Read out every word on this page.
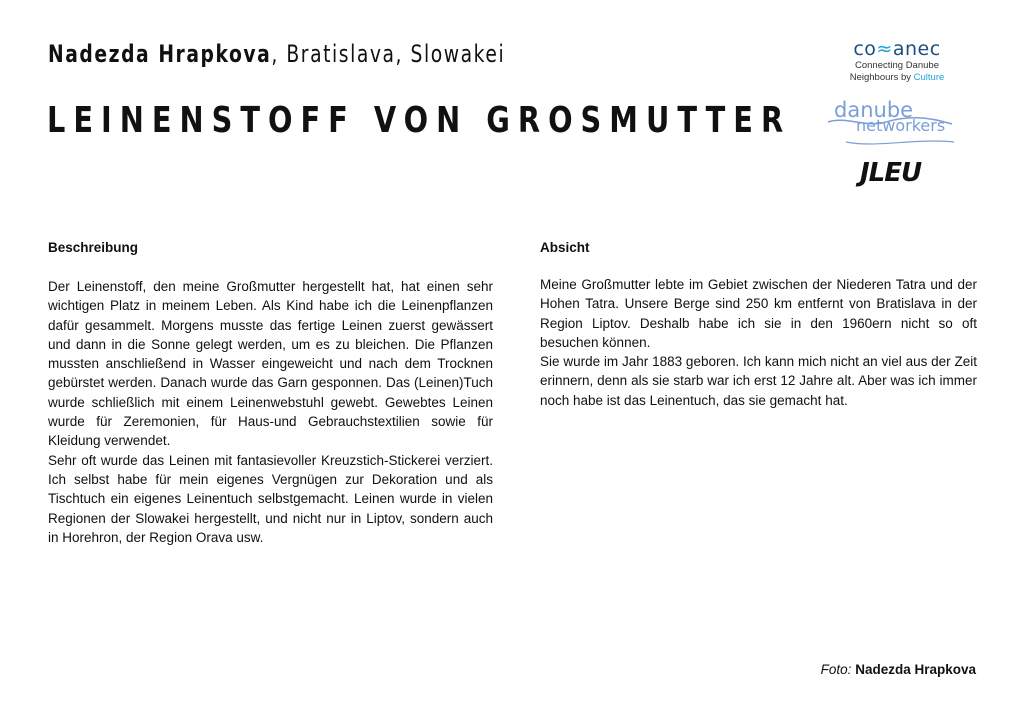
Nadezda Hrapkova, Bratislava, Slowakei
LEINENSTOFF VON GROSMUTTER
co≈anec
Connecting Danube
Neighbours by Culture
danube
networkers
JLEU
Beschreibung

Der Leinenstoff, den meine Großmutter hergestellt hat, hat einen sehr wichtigen Platz in meinem Leben. Als Kind habe ich die Leinenpflanzen dafür gesammelt. Morgens musste das fertige Leinen zuerst gewässert und dann in die Sonne gelegt werden, um es zu bleichen. Die Pflanzen mussten anschließend in Wasser eingeweicht und nach dem Trocknen gebürstet werden. Danach wurde das Garn gesponnen. Das (Leinen)Tuch wurde schließlich mit einem Leinenwebstuhl gewebt. Gewebtes Leinen wurde für Zeremonien, für Haus-und Gebrauchstextilien sowie für Kleidung verwendet.

Sehr oft wurde das Leinen mit fantasievoller Kreuzstich-Stickerei verziert. Ich selbst habe für mein eigenes Vergnügen zur Dekoration und als Tischtuch ein eigenes Leinentuch selbstgemacht. Leinen wurde in vielen Regionen der Slowakei hergestellt, und nicht nur in Liptov, sondern auch in Horehron, der Region Orava usw.

Absicht

Meine Großmutter lebte im Gebiet zwischen der Niederen Tatra und der Hohen Tatra. Unsere Berge sind 250 km entfernt von Bratislava in der Region Liptov. Deshalb habe ich sie in den 1960ern nicht so oft besuchen können.

Sie wurde im Jahr 1883 geboren. Ich kann mich nicht an viel aus der Zeit erinnern, denn als sie starb war ich erst 12 Jahre alt. Aber was ich immer noch habe ist das Leinentuch, das sie gemacht hat.

Foto: Nadezda Hrapkova
